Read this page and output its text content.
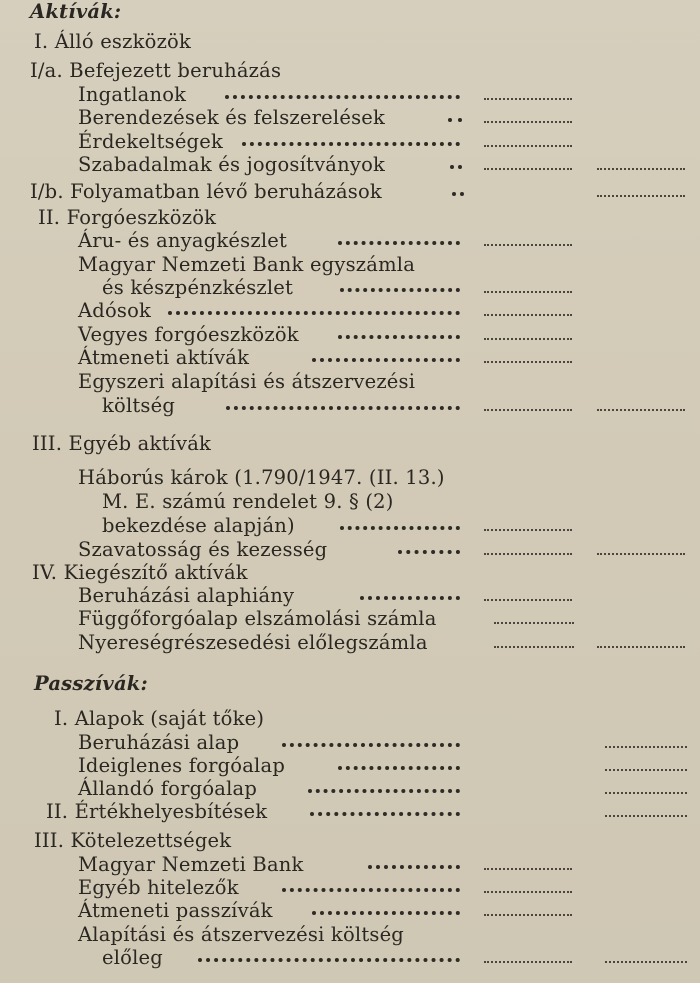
Aktívák:
I. Álló eszközök
I/a. Befejezett beruházás
Ingatlanok
Berendezések és felszerelések
Érdekeltségek
Szabadalmak és jogosítványok
I/b. Folyamatban lévő beruházások
II. Forgóeszközök
Áru- és anyagkészlet
Magyar Nemzeti Bank egyszámla
és készpénzkészlet
Adósok
Vegyes forgóeszközök
Átmeneti aktívák
Egyszeri alapítási és átszervezési
költség
III. Egyéb aktívák
Háborús károk (1.790/1947. (II. 13.)
M. E. számú rendelet 9. § (2)
bekezdése alapján)
Szavatosság és kezesség
IV. Kiegészítő aktívák
Beruházási alaphiány
Függőforgóalap elszámolási számla
Nyereségrészesedési előlegszámla
Passzívák:
I. Alapok (saját tőke)
Beruházási alap
Ideiglenes forgóalap
Állandó forgóalap
II. Értékhelyesbítések
III. Kötelezettségek
Magyar Nemzeti Bank
Egyéb hitelezők
Átmeneti passzívák
Alapítási és átszervezési költség
előleg
